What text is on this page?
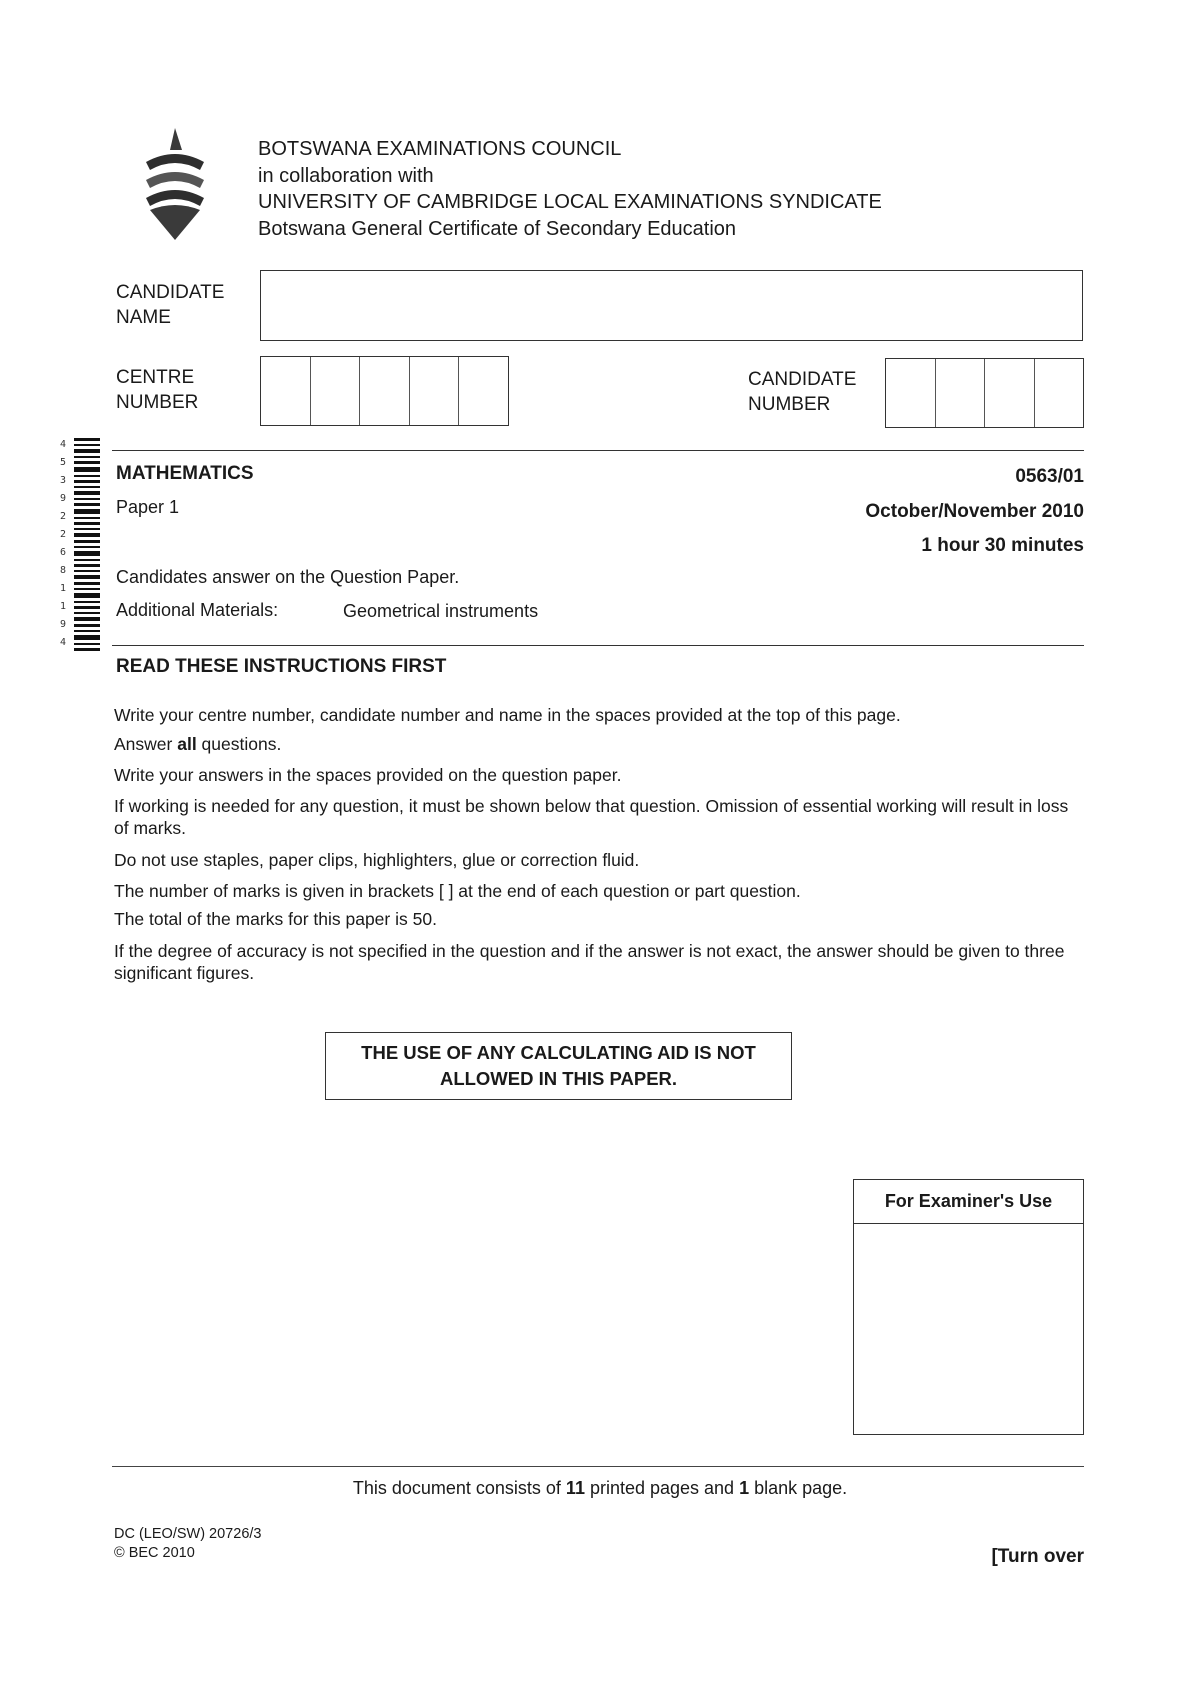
BOTSWANA EXAMINATIONS COUNCIL
in collaboration with
UNIVERSITY OF CAMBRIDGE LOCAL EXAMINATIONS SYNDICATE
Botswana General Certificate of Secondary Education
CANDIDATE
NAME
CENTRE
NUMBER
CANDIDATE
NUMBER
4
5
3
9
2
2
6
8
1
1
9
4
MATHEMATICS
Paper 1
0563/01
October/November 2010
1 hour 30 minutes
Candidates answer on the Question Paper.
Additional Materials:	Geometrical instruments
READ THESE INSTRUCTIONS FIRST
Write your centre number, candidate number and name in the spaces provided at the top of this page.
Answer all questions.
Write your answers in the spaces provided on the question paper.
If working is needed for any question, it must be shown below that question. Omission of essential working will result in loss of marks.
Do not use staples, paper clips, highlighters, glue or correction fluid.
The number of marks is given in brackets [ ] at the end of each question or part question.
The total of the marks for this paper is 50.
If the degree of accuracy is not specified in the question and if the answer is not exact, the answer should be given to three significant figures.
THE USE OF ANY CALCULATING AID IS NOT
ALLOWED IN THIS PAPER.
For Examiner's Use
This document consists of 11 printed pages and 1 blank page.
DC (LEO/SW) 20726/3
© BEC 2010	[Turn over
